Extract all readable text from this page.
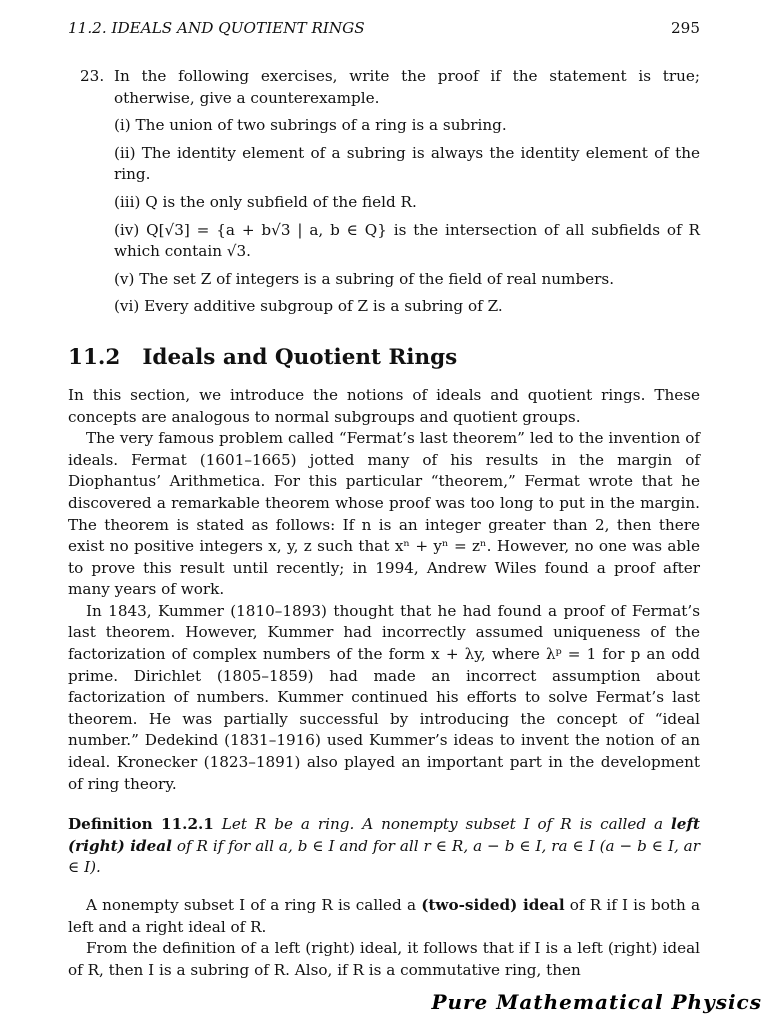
11.2. IDEALS AND QUOTIENT RINGS	295
23. In the following exercises, write the proof if the statement is true; otherwise, give a counterexample.

(i) The union of two subrings of a ring is a subring.

(ii) The identity element of a subring is always the identity element of the ring.

(iii) Q is the only subfield of the field R.

(iv) Q[√3] = {a + b√3 | a, b ∈ Q} is the intersection of all subfields of R which contain √3.

(v) The set Z of integers is a subring of the field of real numbers.

(vi) Every additive subgroup of Z is a subring of Z.

11.2 Ideals and Quotient Rings

In this section, we introduce the notions of ideals and quotient rings. These concepts are analogous to normal subgroups and quotient groups.

The very famous problem called “Fermat’s last theorem” led to the invention of ideals. Fermat (1601–1665) jotted many of his results in the margin of Diophantus’ Arithmetica. For this particular “theorem,” Fermat wrote that he discovered a remarkable theorem whose proof was too long to put in the margin. The theorem is stated as follows: If n is an integer greater than 2, then there exist no positive integers x, y, z such that xⁿ + yⁿ = zⁿ. However, no one was able to prove this result until recently; in 1994, Andrew Wiles found a proof after many years of work.

In 1843, Kummer (1810–1893) thought that he had found a proof of Fermat’s last theorem. However, Kummer had incorrectly assumed uniqueness of the factorization of complex numbers of the form x + λy, where λᵖ = 1 for p an odd prime. Dirichlet (1805–1859) had made an incorrect assumption about factorization of numbers. Kummer continued his efforts to solve Fermat’s last theorem. He was partially successful by introducing the concept of “ideal number.” Dedekind (1831–1916) used Kummer’s ideas to invent the notion of an ideal. Kronecker (1823–1891) also played an important part in the development of ring theory.

Definition 11.2.1 Let R be a ring. A nonempty subset I of R is called a left (right) ideal of R if for all a, b ∈ I and for all r ∈ R, a − b ∈ I, ra ∈ I (a − b ∈ I, ar ∈ I).

A nonempty subset I of a ring R is called a (two-sided) ideal of R if I is both a left and a right ideal of R.

From the definition of a left (right) ideal, it follows that if I is a left (right) ideal of R, then I is a subring of R. Also, if R is a commutative ring, then

Pure Mathematical Physics
